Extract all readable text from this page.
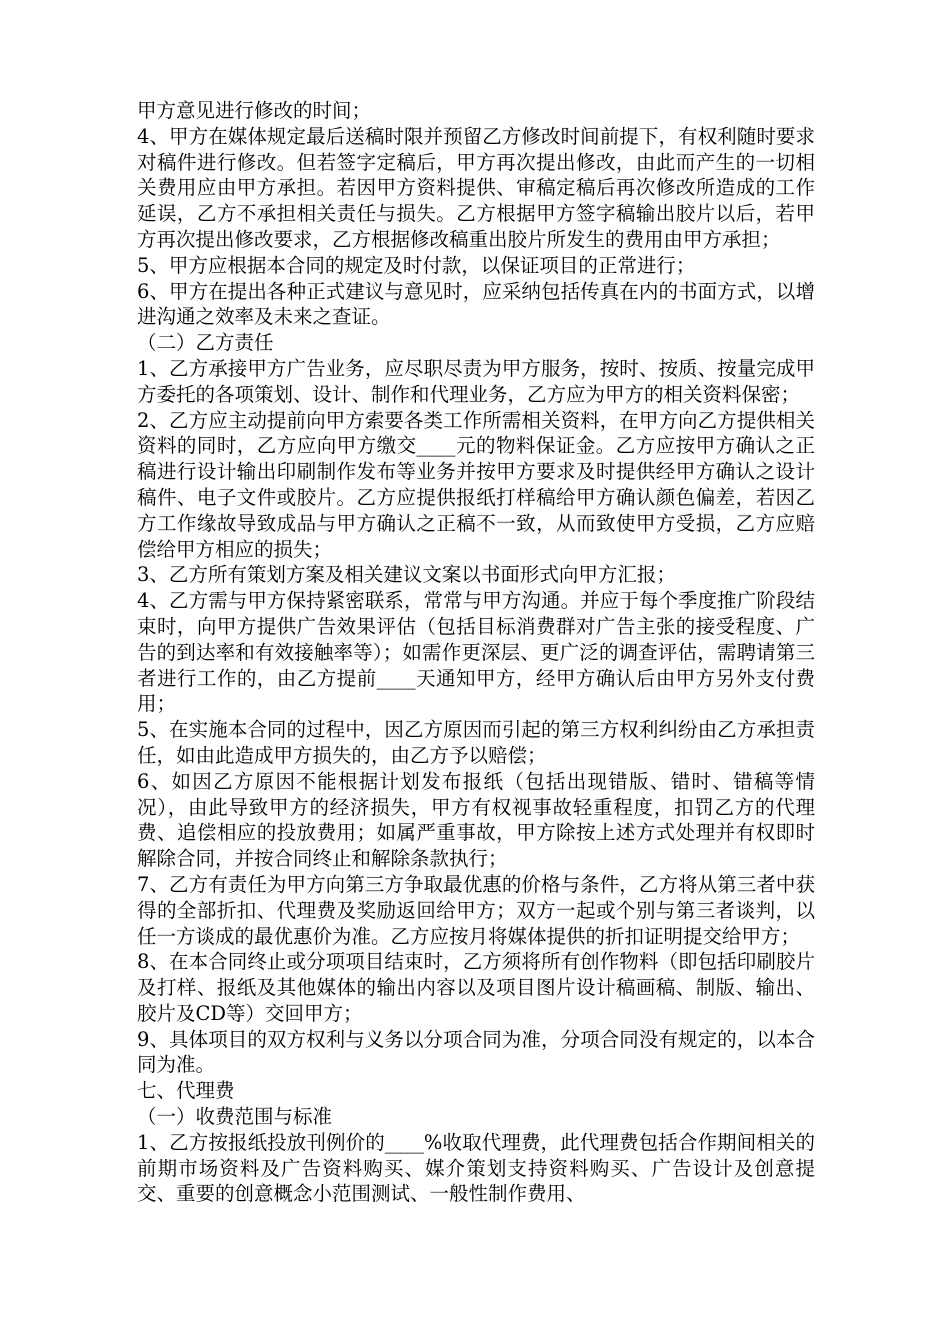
甲方意见进行修改的时间；

4、甲方在媒体规定最后送稿时限并预留乙方修改时间前提下，有权利随时要求对稿件进行修改。但若签字定稿后，甲方再次提出修改，由此而产生的一切相关费用应由甲方承担。若因甲方资料提供、审稿定稿后再次修改所造成的工作延误，乙方不承担相关责任与损失。乙方根据甲方签字稿输出胶片以后，若甲方再次提出修改要求，乙方根据修改稿重出胶片所发生的费用由甲方承担；

5、甲方应根据本合同的规定及时付款，以保证项目的正常进行；

6、甲方在提出各种正式建议与意见时，应采纳包括传真在内的书面方式，以增进沟通之效率及未来之查证。

（二）乙方责任

1、乙方承接甲方广告业务，应尽职尽责为甲方服务，按时、按质、按量完成甲方委托的各项策划、设计、制作和代理业务，乙方应为甲方的相关资料保密；

2、乙方应主动提前向甲方索要各类工作所需相关资料，在甲方向乙方提供相关资料的同时，乙方应向甲方缴交____元的物料保证金。乙方应按甲方确认之正稿进行设计输出印刷制作发布等业务并按甲方要求及时提供经甲方确认之设计稿件、电子文件或胶片。乙方应提供报纸打样稿给甲方确认颜色偏差，若因乙方工作缘故导致成品与甲方确认之正稿不一致，从而致使甲方受损，乙方应赔偿给甲方相应的损失；

3、乙方所有策划方案及相关建议文案以书面形式向甲方汇报；

4、乙方需与甲方保持紧密联系，常常与甲方沟通。并应于每个季度推广阶段结束时，向甲方提供广告效果评估（包括目标消费群对广告主张的接受程度、广告的到达率和有效接触率等）；如需作更深层、更广泛的调查评估，需聘请第三者进行工作的，由乙方提前____天通知甲方，经甲方确认后由甲方另外支付费用；

5、在实施本合同的过程中，因乙方原因而引起的第三方权利纠纷由乙方承担责任，如由此造成甲方损失的，由乙方予以赔偿；

6、如因乙方原因不能根据计划发布报纸（包括出现错版、错时、错稿等情况），由此导致甲方的经济损失，甲方有权视事故轻重程度，扣罚乙方的代理费、追偿相应的投放费用；如属严重事故，甲方除按上述方式处理并有权即时解除合同，并按合同终止和解除条款执行；

7、乙方有责任为甲方向第三方争取最优惠的价格与条件，乙方将从第三者中获得的全部折扣、代理费及奖励返回给甲方；双方一起或个别与第三者谈判，以任一方谈成的最优惠价为准。乙方应按月将媒体提供的折扣证明提交给甲方；

8、在本合同终止或分项项目结束时，乙方须将所有创作物料（即包括印刷胶片及打样、报纸及其他媒体的输出内容以及项目图片设计稿画稿、制版、输出、胶片及CD等）交回甲方；

9、具体项目的双方权利与义务以分项合同为准，分项合同没有规定的，以本合同为准。

七、代理费

（一）收费范围与标准

1、乙方按报纸投放刊例价的____%收取代理费，此代理费包括合作期间相关的前期市场资料及广告资料购买、媒介策划支持资料购买、广告设计及创意提交、重要的创意概念小范围测试、一般性制作费用、
